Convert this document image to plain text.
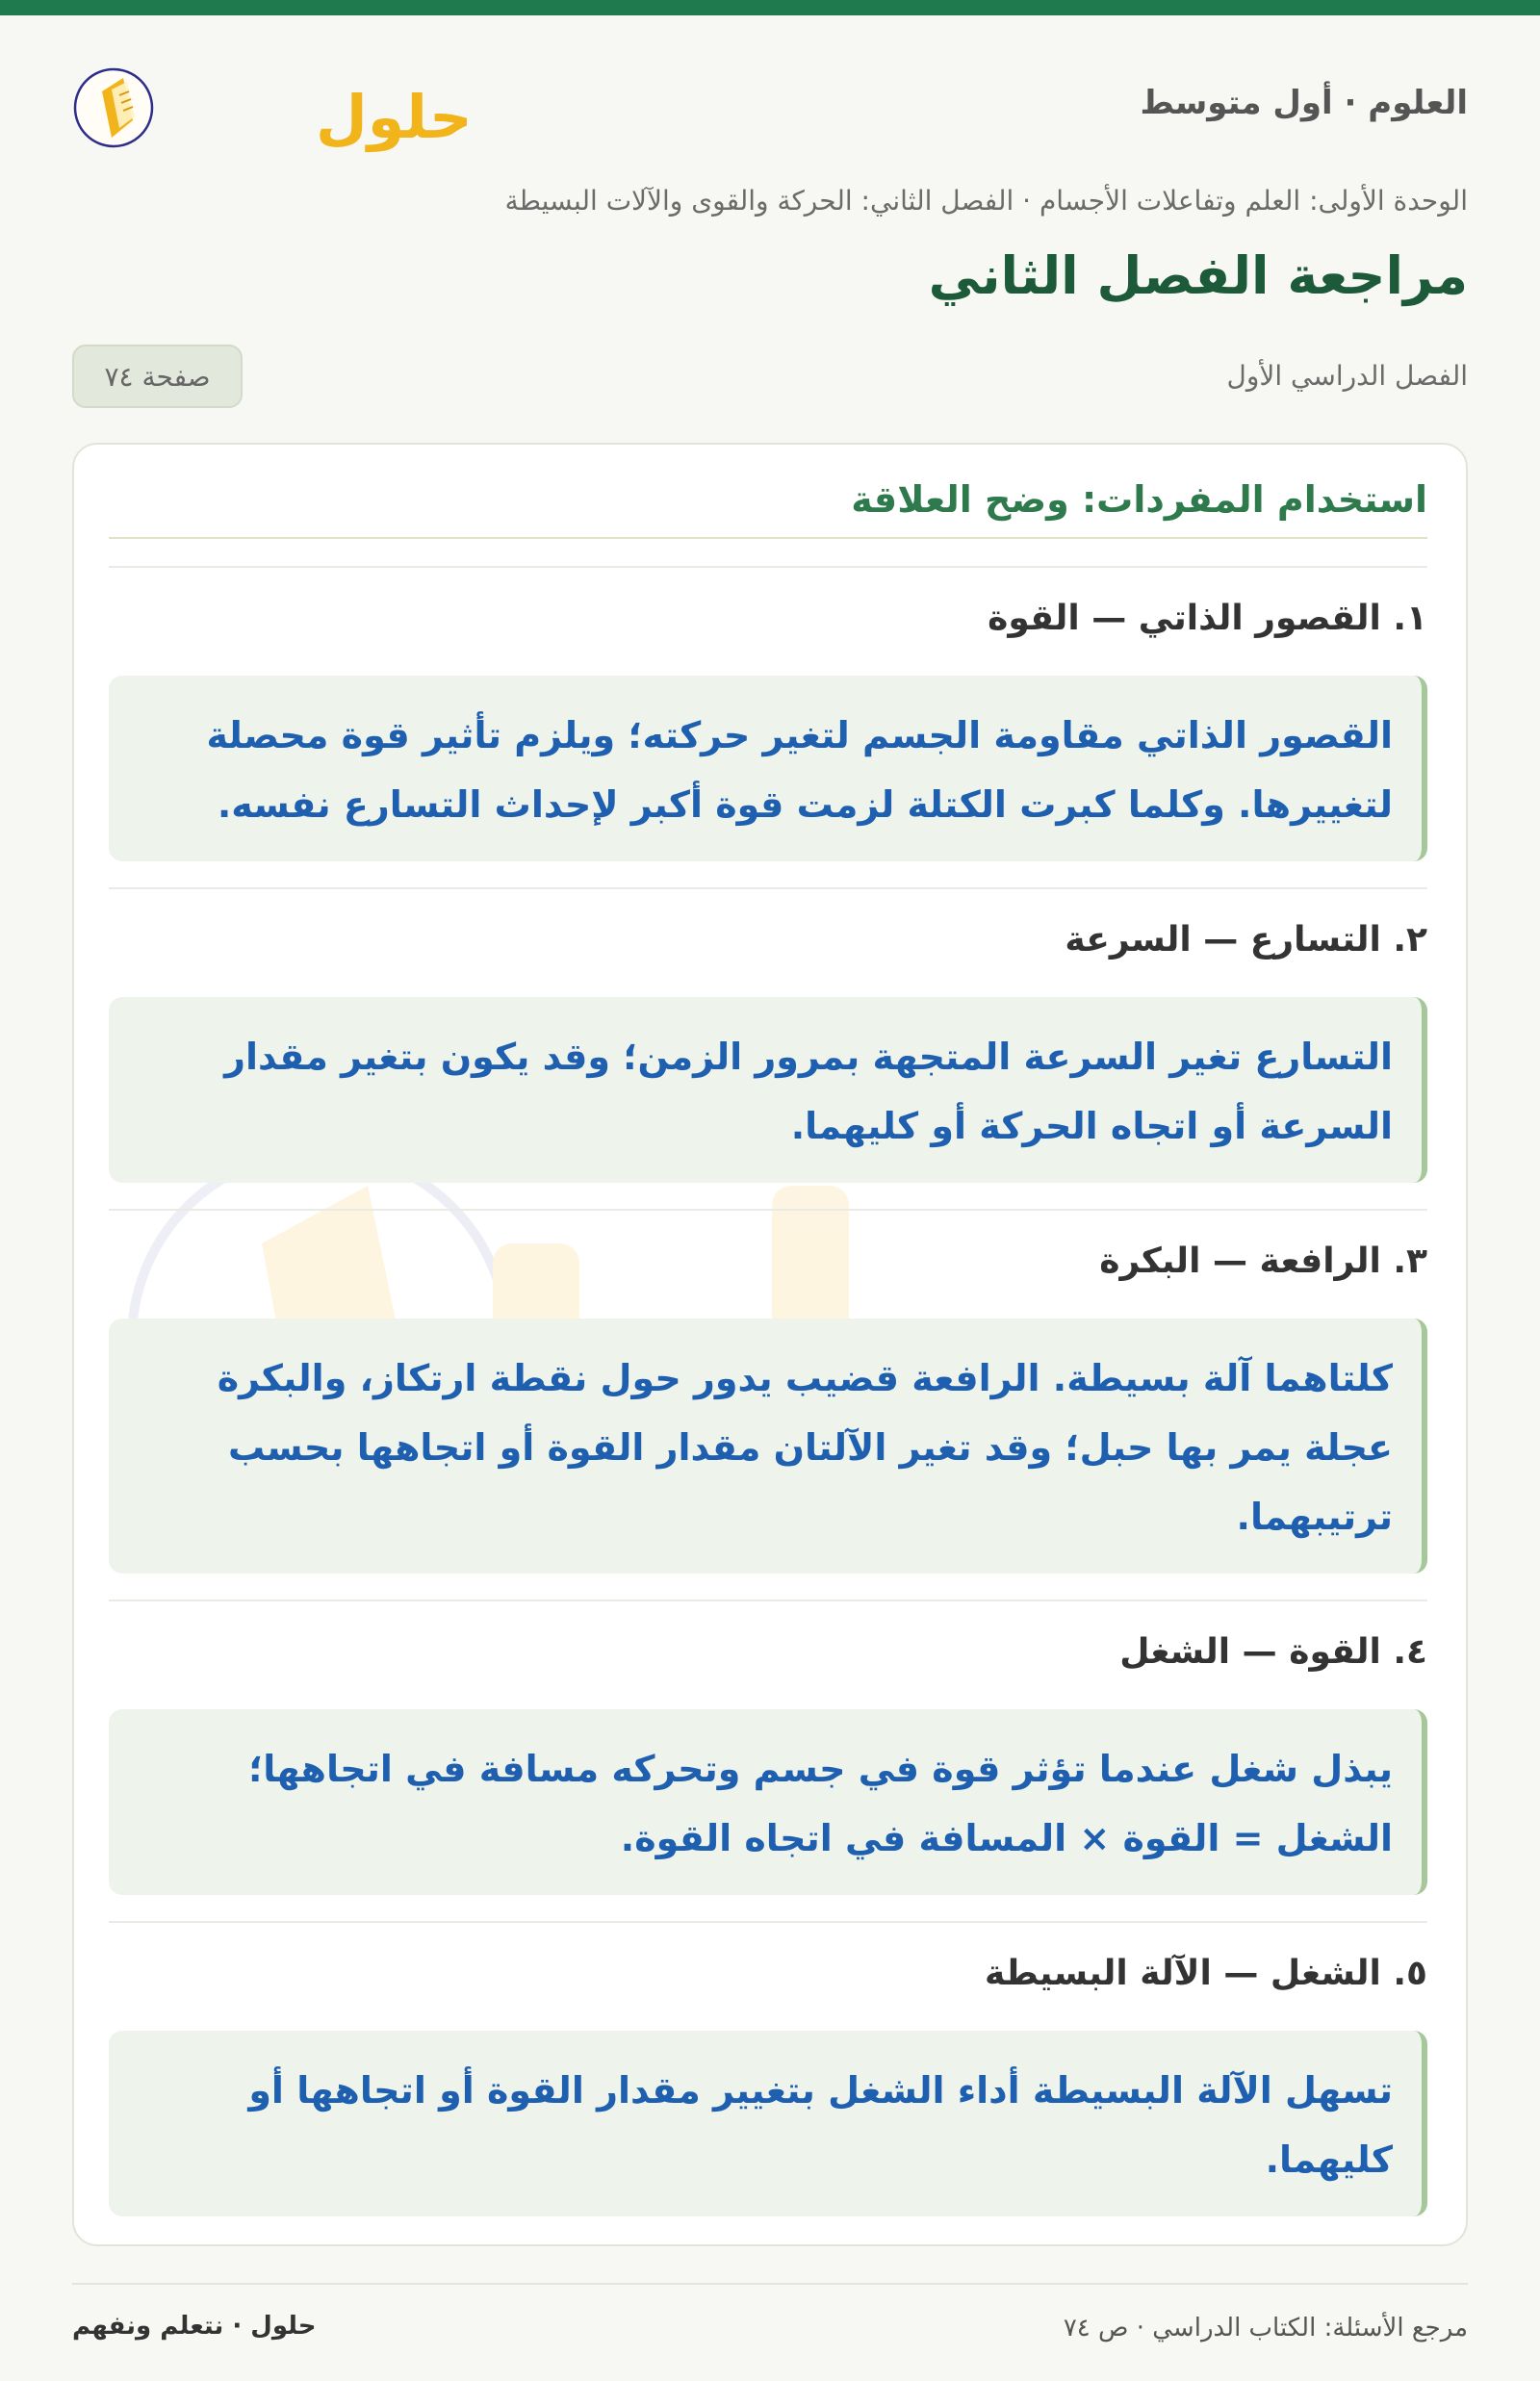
العلوم · أول متوسط
حلول
الوحدة الأولى: العلم وتفاعلات الأجسام · الفصل الثاني: الحركة والقوى والآلات البسيطة
مراجعة الفصل الثاني
الفصل الدراسي الأول
صفحة ٧٤
استخدام المفردات: وضح العلاقة
١. القصور الذاتي — القوة
القصور الذاتي مقاومة الجسم لتغير حركته؛ ويلزم تأثير قوة محصلة لتغييرها. وكلما كبرت الكتلة لزمت قوة أكبر لإحداث التسارع نفسه.
٢. التسارع — السرعة
التسارع تغير السرعة المتجهة بمرور الزمن؛ وقد يكون بتغير مقدار السرعة أو اتجاه الحركة أو كليهما.
٣. الرافعة — البكرة
كلتاهما آلة بسيطة. الرافعة قضيب يدور حول نقطة ارتكاز، والبكرة عجلة يمر بها حبل؛ وقد تغير الآلتان مقدار القوة أو اتجاهها بحسب ترتيبهما.
٤. القوة — الشغل
يبذل شغل عندما تؤثر قوة في جسم وتحركه مسافة في اتجاهها؛ الشغل = القوة × المسافة في اتجاه القوة.
٥. الشغل — الآلة البسيطة
تسهل الآلة البسيطة أداء الشغل بتغيير مقدار القوة أو اتجاهها أو كليهما.
حلول · نتعلم ونفهم	مرجع الأسئلة: الكتاب الدراسي · ص ٧٤
